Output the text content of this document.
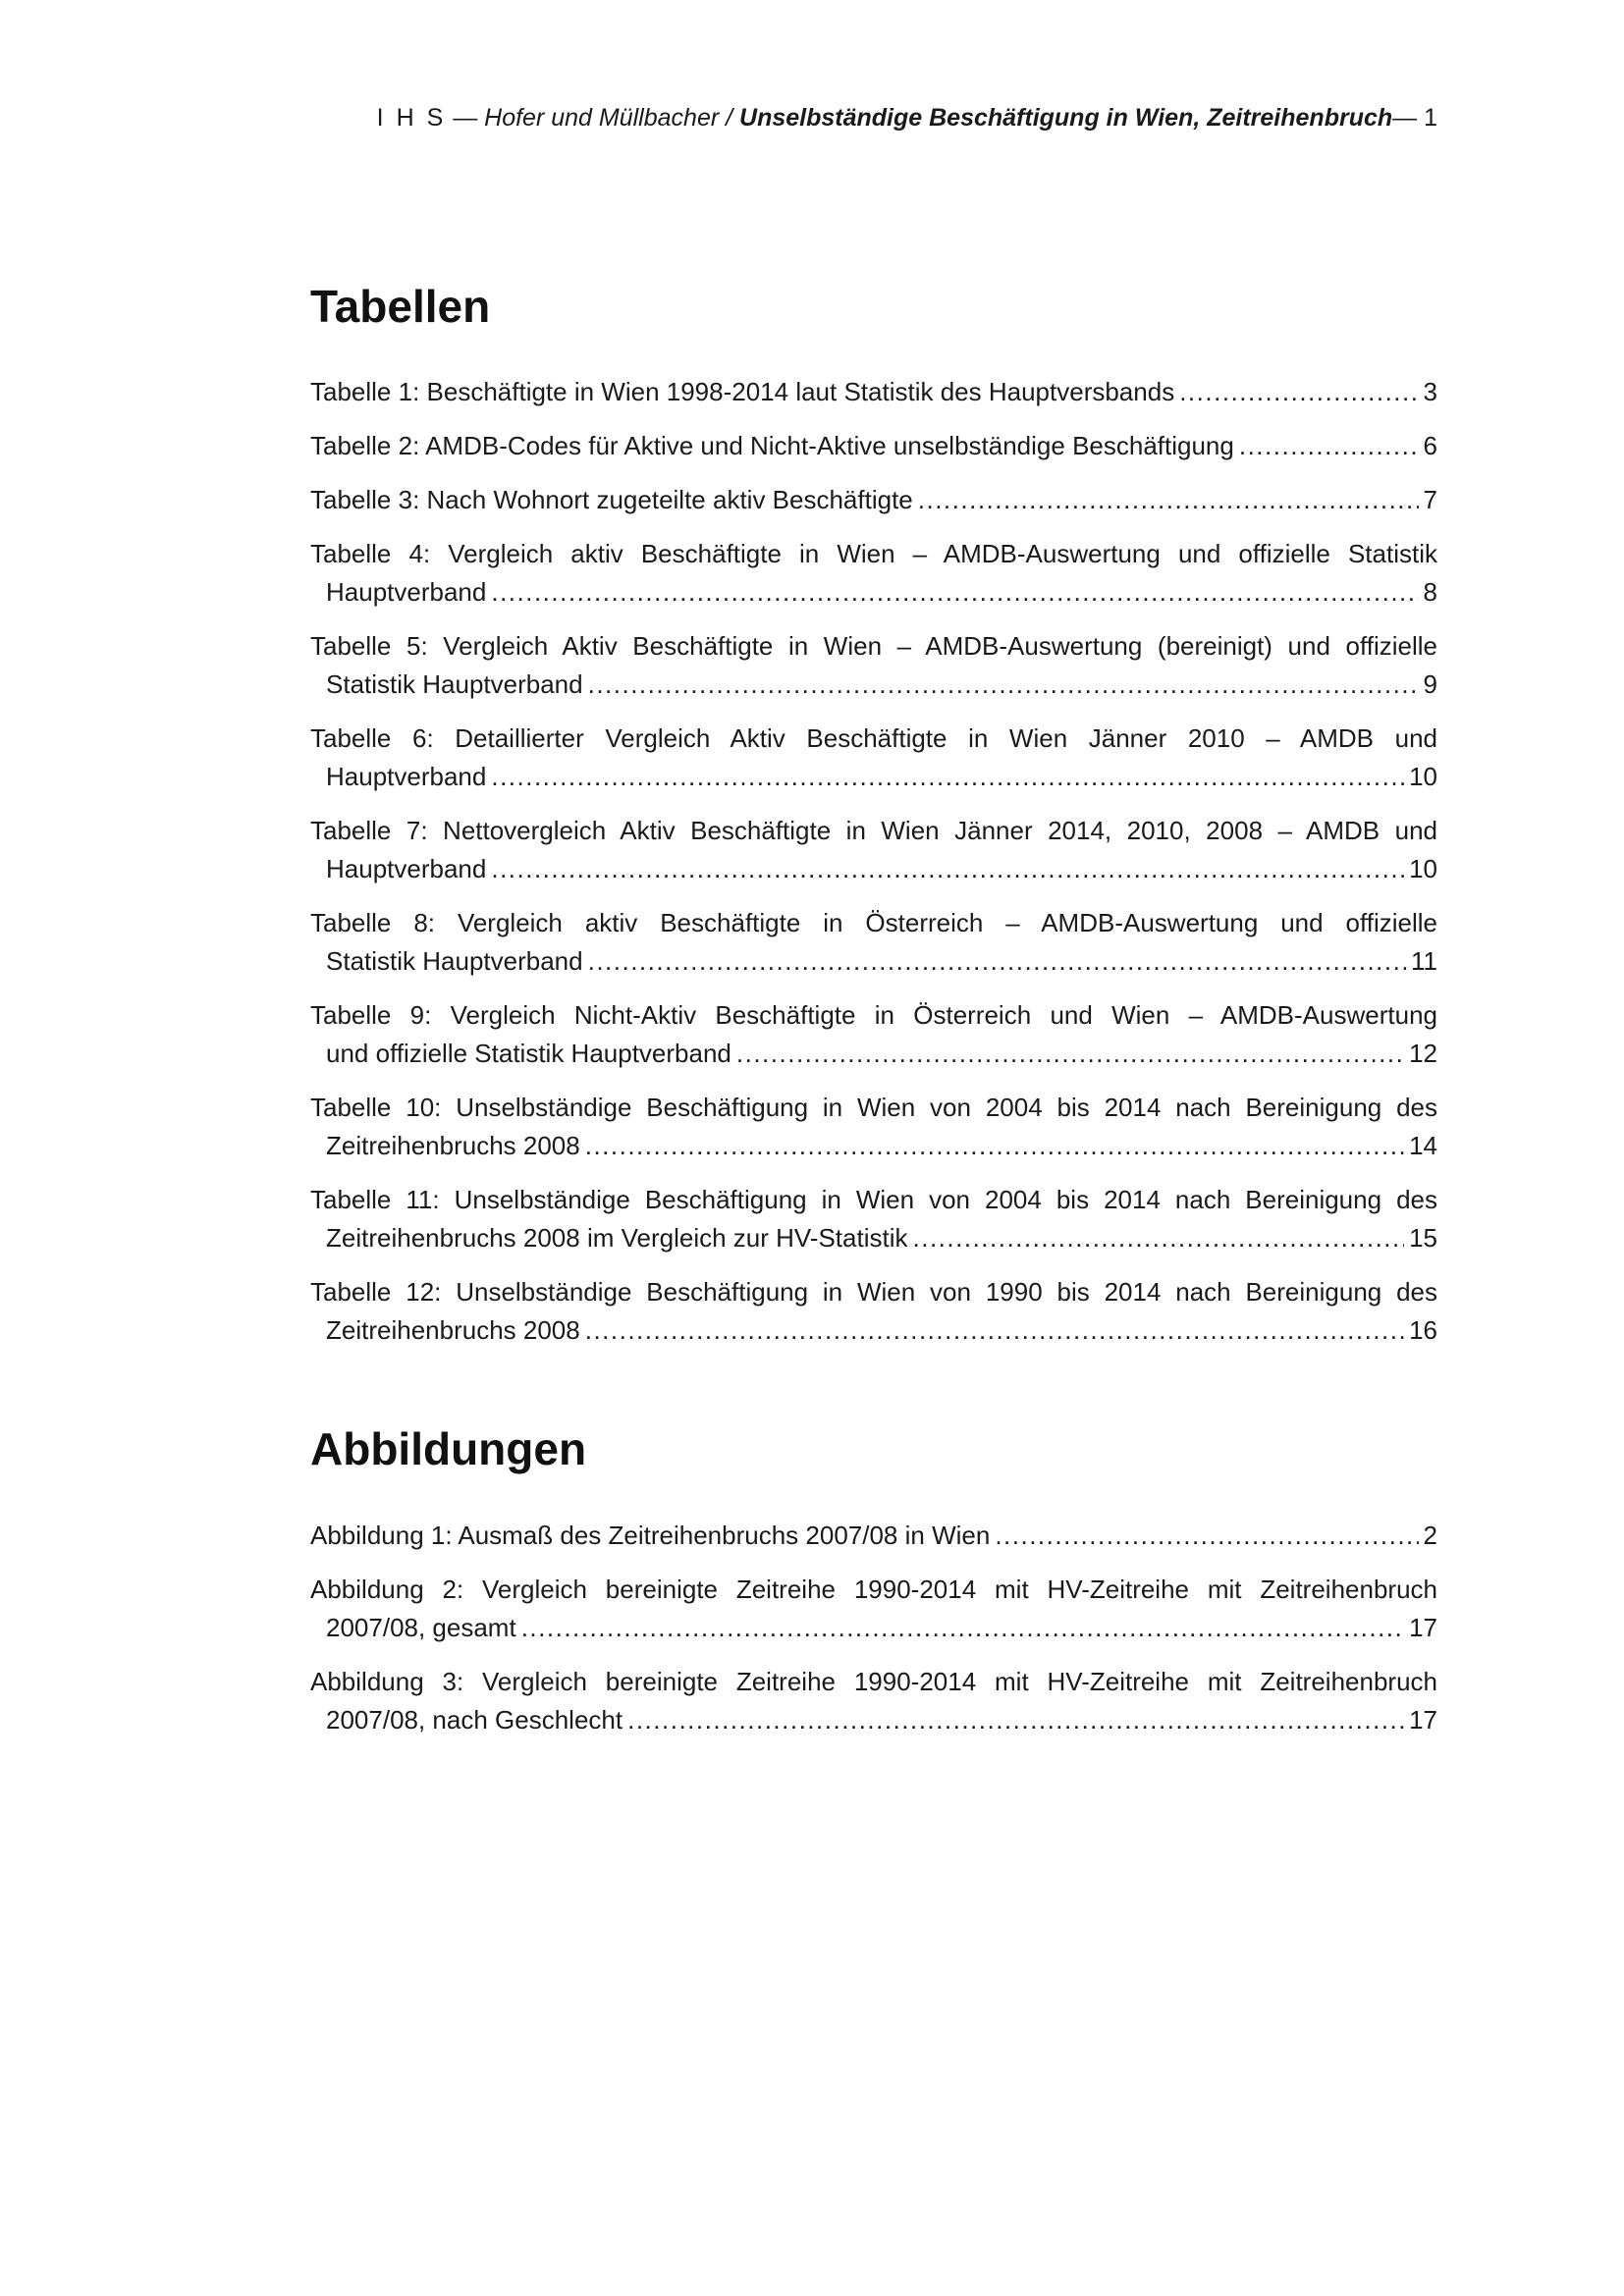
I H S — Hofer und Müllbacher / Unselbständige Beschäftigung in Wien, Zeitreihenbruch— 1
Tabellen
Tabelle 1: Beschäftigte in Wien 1998-2014 laut Statistik des Hauptversbands .....	3
Tabelle 2: AMDB-Codes für Aktive und Nicht-Aktive unselbständige Beschäftigung .....	6
Tabelle 3: Nach Wohnort zugeteilte aktiv Beschäftigte .....	7
Tabelle 4: Vergleich aktiv Beschäftigte in Wien – AMDB-Auswertung und offizielle Statistik
Hauptverband .....	8
Tabelle 5: Vergleich Aktiv Beschäftigte in Wien – AMDB-Auswertung (bereinigt) und offizielle
Statistik Hauptverband .....	9
Tabelle 6: Detaillierter Vergleich Aktiv Beschäftigte in Wien Jänner 2010 – AMDB und
Hauptverband .....	10
Tabelle 7: Nettovergleich Aktiv Beschäftigte in Wien Jänner 2014, 2010, 2008 – AMDB und
Hauptverband .....	10
Tabelle 8: Vergleich aktiv Beschäftigte in Österreich – AMDB-Auswertung und offizielle
Statistik Hauptverband .....	11
Tabelle 9: Vergleich Nicht-Aktiv Beschäftigte in Österreich und Wien – AMDB-Auswertung
und offizielle Statistik Hauptverband .....	12
Tabelle 10: Unselbständige Beschäftigung in Wien von 2004 bis 2014 nach Bereinigung des
Zeitreihenbruchs 2008 .....	14
Tabelle 11: Unselbständige Beschäftigung in Wien von 2004 bis 2014 nach Bereinigung des
Zeitreihenbruchs 2008 im Vergleich zur HV-Statistik .....	15
Tabelle 12: Unselbständige Beschäftigung in Wien von 1990 bis 2014 nach Bereinigung des
Zeitreihenbruchs 2008 .....	16
Abbildungen
Abbildung 1: Ausmaß des Zeitreihenbruchs 2007/08 in Wien .....	2
Abbildung 2: Vergleich bereinigte Zeitreihe 1990-2014 mit HV-Zeitreihe mit Zeitreihenbruch
2007/08, gesamt .....	17
Abbildung 3: Vergleich bereinigte Zeitreihe 1990-2014 mit HV-Zeitreihe mit Zeitreihenbruch
2007/08, nach Geschlecht .....	17
